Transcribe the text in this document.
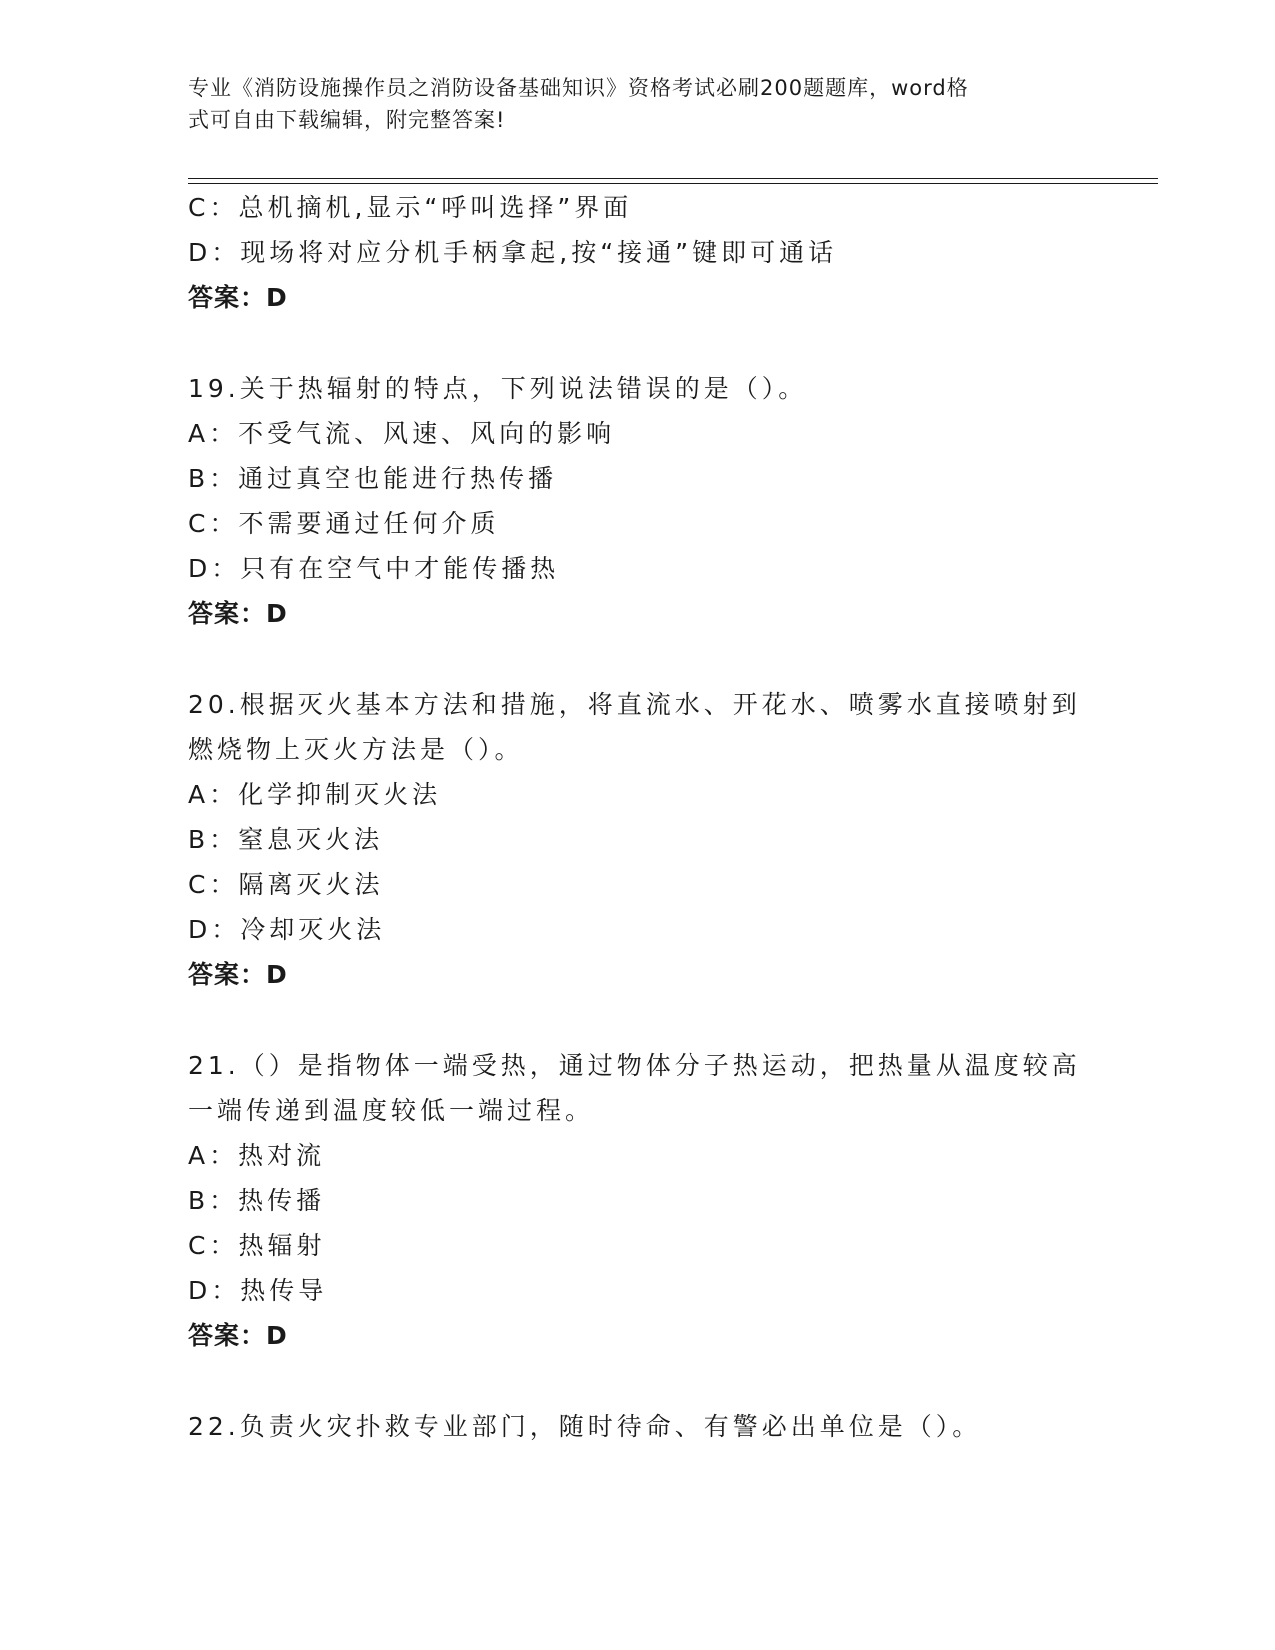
专业《消防设施操作员之消防设备基础知识》资格考试必刷200题题库，word格
式可自由下载编辑，附完整答案!
C：总机摘机,显示“呼叫选择”界面
D：现场将对应分机手柄拿起,按“接通”键即可通话
答案：D
19.关于热辐射的特点，下列说法错误的是（）。
A：不受气流、风速、风向的影响
B：通过真空也能进行热传播
C：不需要通过任何介质
D：只有在空气中才能传播热
答案：D
20.根据灭火基本方法和措施，将直流水、开花水、喷雾水直接喷射到
燃烧物上灭火方法是（）。
A：化学抑制灭火法
B：窒息灭火法
C：隔离灭火法
D：冷却灭火法
答案：D
21.（）是指物体一端受热，通过物体分子热运动，把热量从温度较高
一端传递到温度较低一端过程。
A：热对流
B：热传播
C：热辐射
D：热传导
答案：D
22.负责火灾扑救专业部门，随时待命、有警必出单位是（）。
